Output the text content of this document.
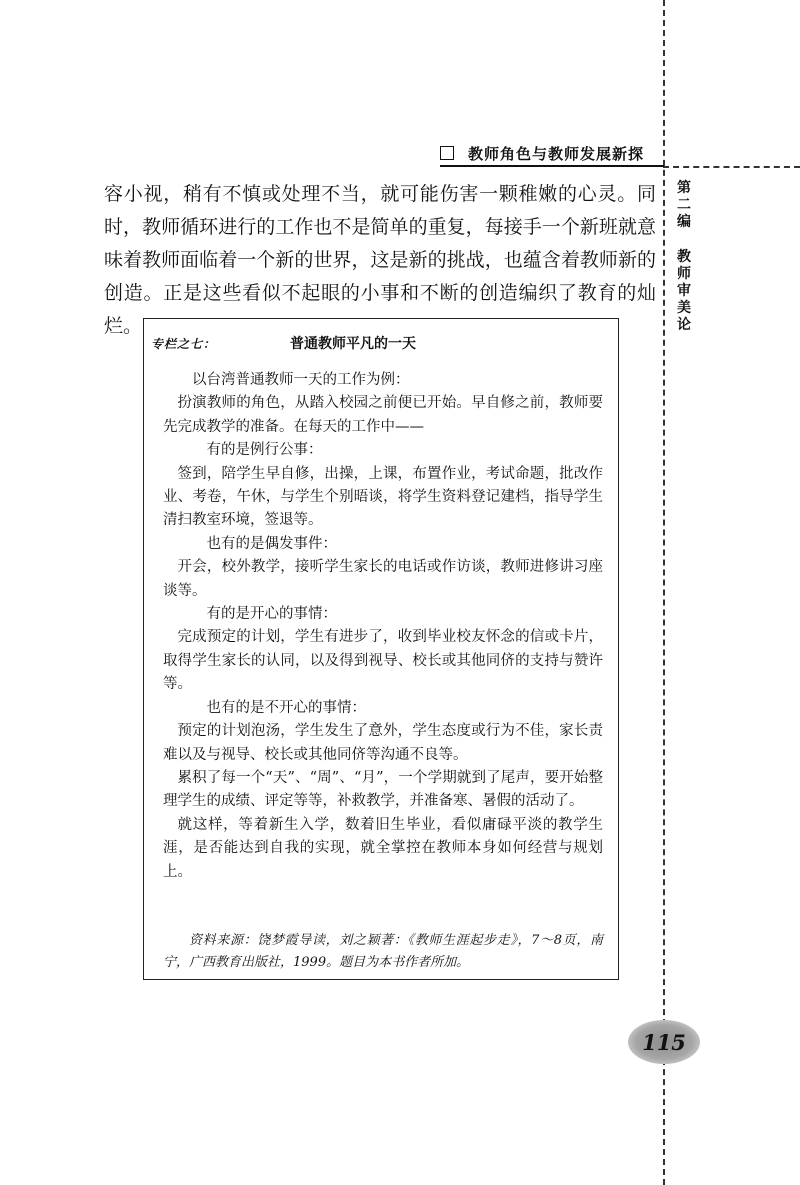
教师角色与教师发展新探
第二编
教师审美论

容小视，稍有不慎或处理不当，就可能伤害一颗稚嫩的心灵。同时，教师循环进行的工作也不是简单的重复，每接手一个新班就意味着教师面临着一个新的世界，这是新的挑战，也蕴含着教师新的创造。正是这些看似不起眼的小事和不断的创造编织了教育的灿烂。

专栏之七：	普通教师平凡的一天

以台湾普通教师一天的工作为例：

扮演教师的角色，从踏入校园之前便已开始。早自修之前，教师要先完成教学的准备。在每天的工作中——

有的是例行公事：

签到，陪学生早自修，出操，上课，布置作业，考试命题，批改作业、考卷，午休，与学生个别晤谈，将学生资料登记建档，指导学生清扫教室环境，签退等。

也有的是偶发事件：

开会，校外教学，接听学生家长的电话或作访谈，教师进修讲习座谈等。

有的是开心的事情：

完成预定的计划，学生有进步了，收到毕业校友怀念的信或卡片，取得学生家长的认同，以及得到视导、校长或其他同侪的支持与赞许等。

也有的是不开心的事情：

预定的计划泡汤，学生发生了意外，学生态度或行为不佳，家长责难以及与视导、校长或其他同侪等沟通不良等。

累积了每一个“天”、“周”、“月”，一个学期就到了尾声，要开始整理学生的成绩、评定等等，补救教学，并准备寒、暑假的活动了。

就这样，等着新生入学，数着旧生毕业，看似庸碌平淡的教学生涯，是否能达到自我的实现，就全掌控在教师本身如何经营与规划上。

资料来源：饶梦霞导读，刘之颖著：《教师生涯起步走》，7～8页，南宁，广西教育出版社，1999。题目为本书作者所加。
115
